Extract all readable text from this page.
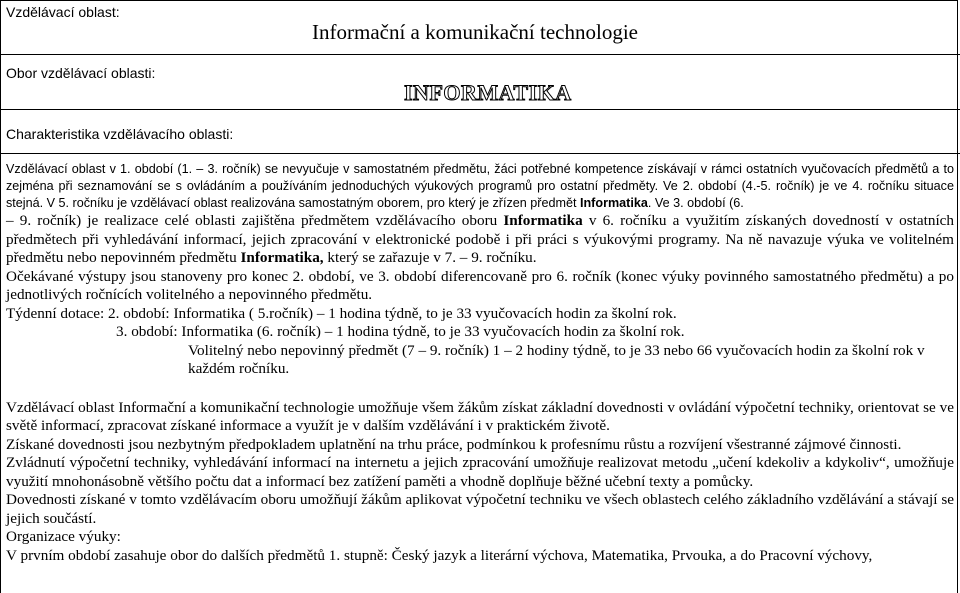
Vzdělávací oblast:
Informační a komunikační technologie
Obor vzdělávací oblasti:
INFORMATIKA
Charakteristika vzdělávacího oblasti:

Vzdělávací oblast v 1. období (1. – 3. ročník) se nevyučuje v samostatném předmětu, žáci potřebné kompetence získávají v rámci ostatních vyučovacích předmětů a to zejména při seznamování se s ovládáním a používáním jednoduchých výukových programů pro ostatní předměty. Ve 2. období (4.-5. ročník) je ve 4. ročníku situace stejná. V 5. ročníku je vzdělávací oblast realizována samostatným oborem, pro který je zřízen předmět Informatika. Ve 3. období (6.

– 9. ročník) je realizace celé oblasti zajištěna předmětem vzdělávacího oboru Informatika v 6. ročníku a využitím získaných dovedností v ostatních předmětech při vyhledávání informací, jejich zpracování v elektronické podobě i při práci s výukovými programy. Na ně navazuje výuka ve volitelném předmětu nebo nepovinném předmětu Informatika, který se zařazuje v 7. – 9. ročníku.

Očekávané výstupy jsou stanoveny pro konec 2. období, ve 3. období diferencovaně pro 6. ročník (konec výuky povinného samostatného předmětu) a po jednotlivých ročnících volitelného a nepovinného předmětu.

Týdenní dotace: 2. období: Informatika ( 5.ročník) – 1 hodina týdně, to je 33 vyučovacích hodin za školní rok.

3. období: Informatika (6. ročník) – 1 hodina týdně, to je 33 vyučovacích hodin za školní rok.

Volitelný nebo nepovinný předmět (7 – 9. ročník) 1 – 2 hodiny týdně, to je 33 nebo 66 vyučovacích hodin za školní rok v každém ročníku.

Vzdělávací oblast Informační a komunikační technologie umožňuje všem žákům získat základní dovednosti v ovládání výpočetní techniky, orientovat se ve světě informací, zpracovat získané informace a využít je v dalším vzdělávání i v praktickém životě.

Získané dovednosti jsou nezbytným předpokladem uplatnění na trhu práce, podmínkou k profesnímu růstu a rozvíjení všestranné zájmové činnosti.

Zvládnutí výpočetní techniky, vyhledávání informací na internetu a jejich zpracování umožňuje realizovat metodu „učení kdekoliv a kdykoliv“, umožňuje využití mnohonásobně většího počtu dat a informací bez zatížení paměti a vhodně doplňuje běžné učební texty a pomůcky.

Dovednosti získané v tomto vzdělávacím oboru umožňují žákům aplikovat výpočetní techniku ve všech oblastech celého základního vzdělávání a stávají se jejich součástí.

Organizace výuky:

V prvním období zasahuje obor do dalších předmětů 1. stupně: Český jazyk a literární výchova, Matematika, Prvouka, a do Pracovní výchovy,
